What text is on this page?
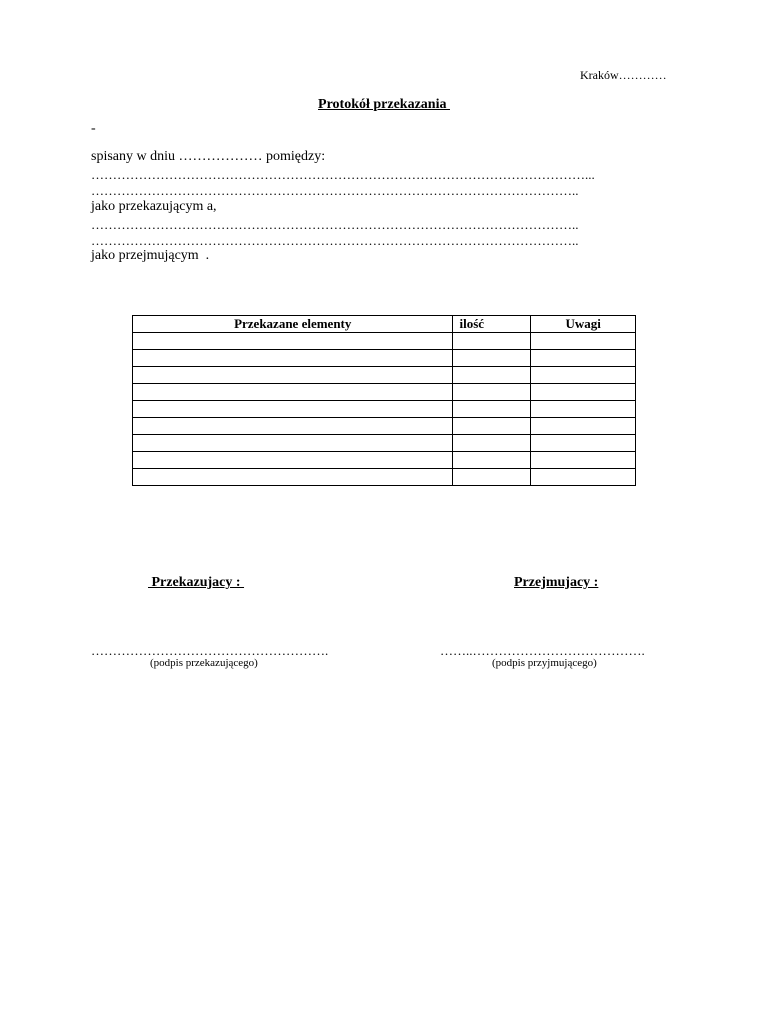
Kraków…………
Protokół przekazania
-
spisany w dniu ……………… pomiędzy:
……………………………………………………………………………………………………...
…………………………………………………………………………………………………..
jako przekazującym a,
…………………………………………………………………………………………………..
…………………………………………………………………………………………………..
jako przejmującym  .
Przekazane elementy	ilość	Uwagi

Przekazujacy :	Przejmujacy :
……………………………………………….	……..………………………………….
(podpis przekazującego)	(podpis przyjmującego)
